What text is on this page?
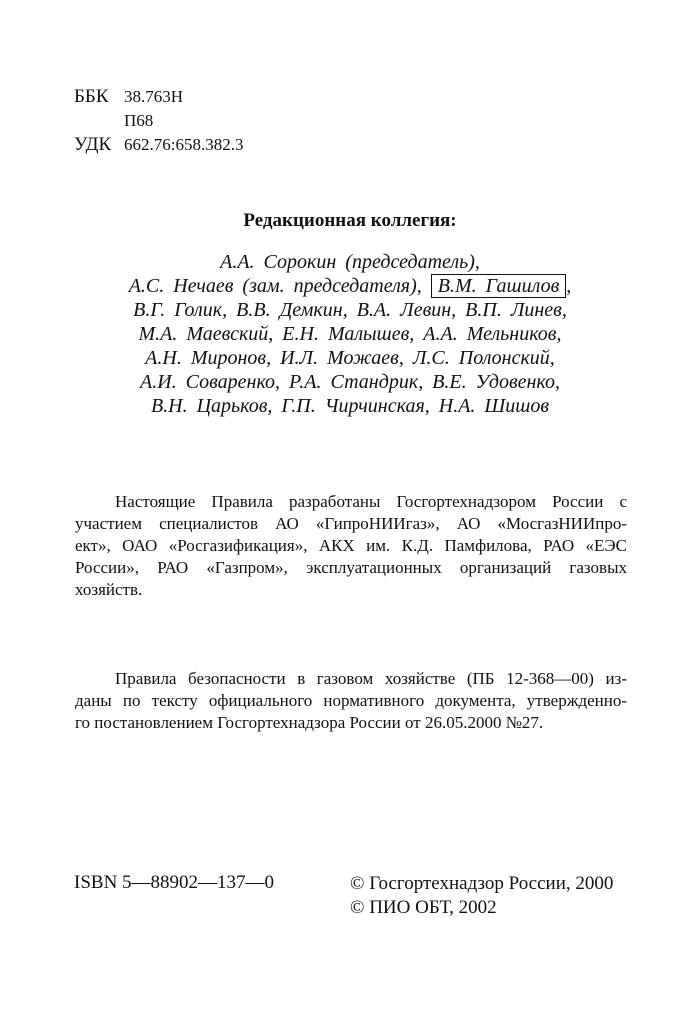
ББК 38.763Н
П68
УДК 662.76:658.382.3
Редакционная коллегия:
А.А. Сорокин (председатель),
А.С. Нечаев (зам. председателя), В.М. Гашилов ,
В.Г. Голик, В.В. Демкин, В.А. Левин, В.П. Линев,
М.А. Маевский, Е.Н. Малышев, А.А. Мельников,
А.Н. Миронов, И.Л. Можаев, Л.С. Полонский,
А.И. Соваренко, Р.А. Стандрик, В.Е. Удовенко,
В.Н. Царьков, Г.П. Чирчинская, Н.А. Шишов
Настоящие Правила разработаны Госгортехнадзором России с
участием специалистов АО «ГипроНИИгаз», АО «МосгазНИИпро-
ект», ОАО «Росгазификация», АКХ им. К.Д. Памфилова, РАО «ЕЭС
России», РАО «Газпром», эксплуатационных организаций газовых
хозяйств.
Правила безопасности в газовом хозяйстве (ПБ 12-368—00) из-
даны по тексту официального нормативного документа, утвержденно-
го постановлением Госгортехнадзора России от 26.05.2000 №27.
ISBN 5—88902—137—0	© Госгортехнадзор России, 2000
© ПИО ОБТ, 2002
